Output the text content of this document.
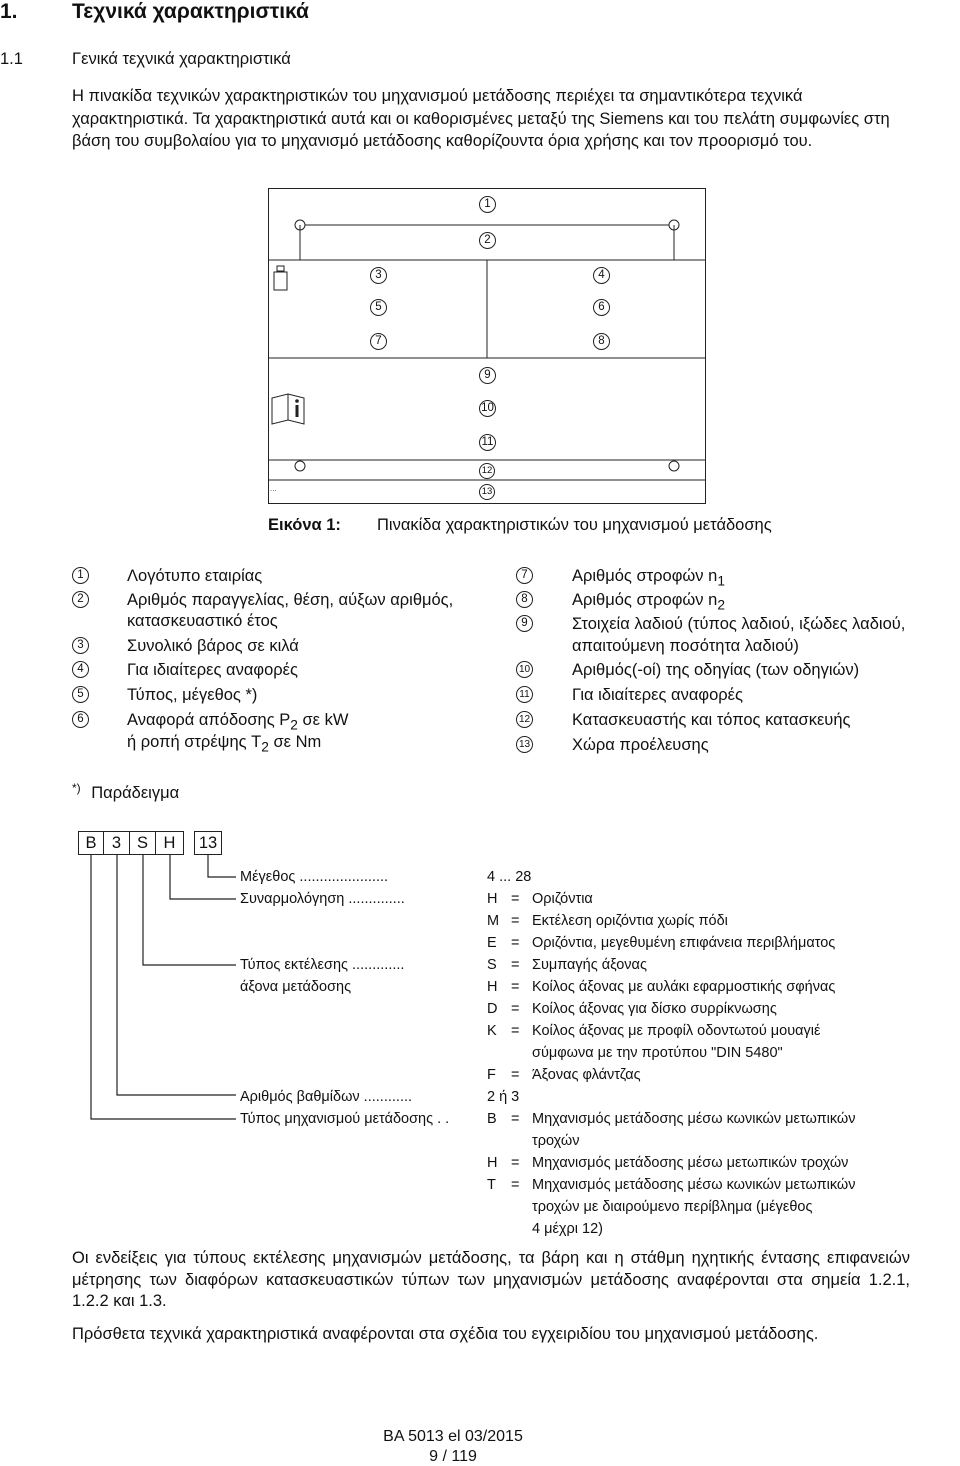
1.	Τεχνικά χαρακτηριστικά
1.1	Γενικά τεχνικά χαρακτηριστικά
Η πινακίδα τεχνικών χαρακτηριστικών του μηχανισμού μετάδοσης περιέχει τα σημαντικότερα τεχνικά χαρακτηριστικά. Τα χαρακτηριστικά αυτά και οι καθορισμένες μεταξύ της Siemens και του πελάτη συμφωνίες στη βάση του συμβολαίου για το μηχανισμό μετάδοσης καθορίζουντα όρια χρήσης και τον προορισμό του.
1
2
3	4
5	6
7	8
9
10
11
12
13
...
Εικόνα 1: Πινακίδα χαρακτηριστικών του μηχανισμού μετάδοσης
1	Λογότυπο εταιρίας
2	Αριθμός παραγγελίας, θέση, αύξων αριθμός,
κατασκευαστικό έτος
3	Συνολικό βάρος σε κιλά
4	Για ιδιαίτερες αναφορές
5	Τύπος, μέγεθος *)
6	Αναφορά απόδοσης $P_2$ σε kW
ή ροπή στρέψης $T_2$ σε Nm
7	Αριθμός στροφών $n_1$
8	Αριθμός στροφών $n_2$
9	Στοιχεία λαδιού (τύπος λαδιού, ιξώδες λαδιού,
απαιτούμενη ποσότητα λαδιού)
10	Αριθμός(-οί) της οδηγίας (των οδηγιών)
11	Για ιδιαίτερες αναφορές
12	Κατασκευαστής και τόπος κατασκευής
13	Χώρα προέλευσης
*) Παράδειγμα
B 3 S H	13
Μέγεθος ......................	4 ... 28
Συναρμολόγηση ..............	H = Οριζόντια
M = Εκτέλεση οριζόντια χωρίς πόδι
E = Οριζόντια, μεγεθυμένη επιφάνεια περιβλήματος
Τύπος εκτέλεσης .............	S = Συμπαγής άξονας
άξονα μετάδοσης	H = Κοίλος άξονας με αυλάκι εφαρμοστικής σφήνας
D = Κοίλος άξονας για δίσκο συρρίκνωσης
K = Κοίλος άξονας με προφίλ οδοντωτού μουαγιέ
σύμφωνα με την προτύπου "DIN 5480"
F = Άξονας φλάντζας
Αριθμός βαθμίδων ............	2 ή 3
Τύπος μηχανισμού μετάδοσης . .	B = Μηχανισμός μετάδοσης μέσω κωνικών μετωπικών
τροχών
H = Μηχανισμός μετάδοσης μέσω μετωπικών τροχών
T = Μηχανισμός μετάδοσης μέσω κωνικών μετωπικών
τροχών με διαιρούμενο περίβλημα (μέγεθος
4 μέχρι 12)
Οι ενδείξεις για τύπους εκτέλεσης μηχανισμών μετάδοσης, τα βάρη και η στάθμη ηχητικής έντασης επιφανειών μέτρησης των διαφόρων κατασκευαστικών τύπων των μηχανισμών μετάδοσης αναφέρονται στα σημεία 1.2.1, 1.2.2 και 1.3.
Πρόσθετα τεχνικά χαρακτηριστικά αναφέρονται στα σχέδια του εγχειριδίου του μηχανισμού μετάδοσης.
BA 5013 el 03/2015
9 / 119
